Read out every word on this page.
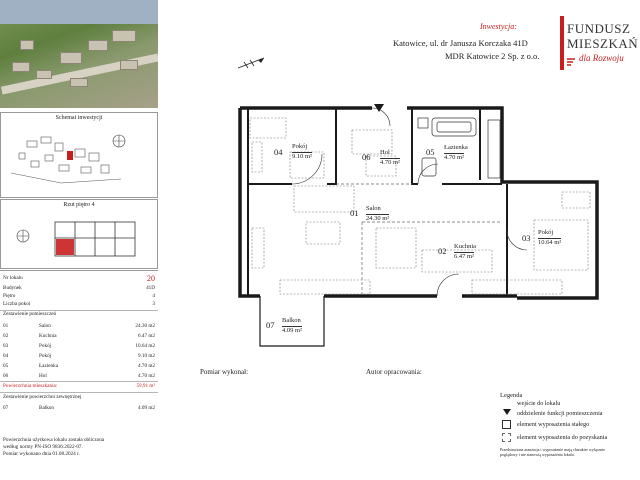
Schemat inwestycji
Rzut piętro 4
Nr lokalu	20
Budynek	41D
Piętro	4
Liczba pokoi	3
Zestawienie pomieszczeń
01	Salon	24.30 m2
02	Kuchnia	6.47 m2
03	Pokój	10.64 m2
04	Pokój	9.10 m2
05	Łazienka	4.70 m2
06	Hol	4.70 m2
Powierzchnia mieszkania:	59,91 m²
Zestawienie powierzchni zewnętrznej
07	Balkon	4.09 m2
Powierzchnia użytkowa lokalu została obliczona
według normy PN-ISO 9836:2022-07.
Pomiar wykonano dnia 01.08.2024 r.
Inwestycja:
Katowice, ul. dr Janusza Korczaka 41D
MDR Katowice 2 Sp. z o.o.
FUNDUSZ
MIESZKAŃ
dla Rozwoju
04
Pokój
9.10 m²	06 Hol
4.70 m²
05 Łazienka
4.70 m²
01 Salon
24.30 m²
02 Kuchnia
6.47 m²
03
Pokój
10.64 m²
07 Balkon
4.09 m²
Pomiar wykonał:	Autor opracowania:
Legenda
wejście do lokalu
oddzielenie funkcji pomieszczenia
element wyposażenia stałego
element wyposażenia do pozyskania
Przedstawiona aranżacja i wyposażenie mają charakter wyłącznie
poglądowy i nie stanowią wyposażenia lokalu.
